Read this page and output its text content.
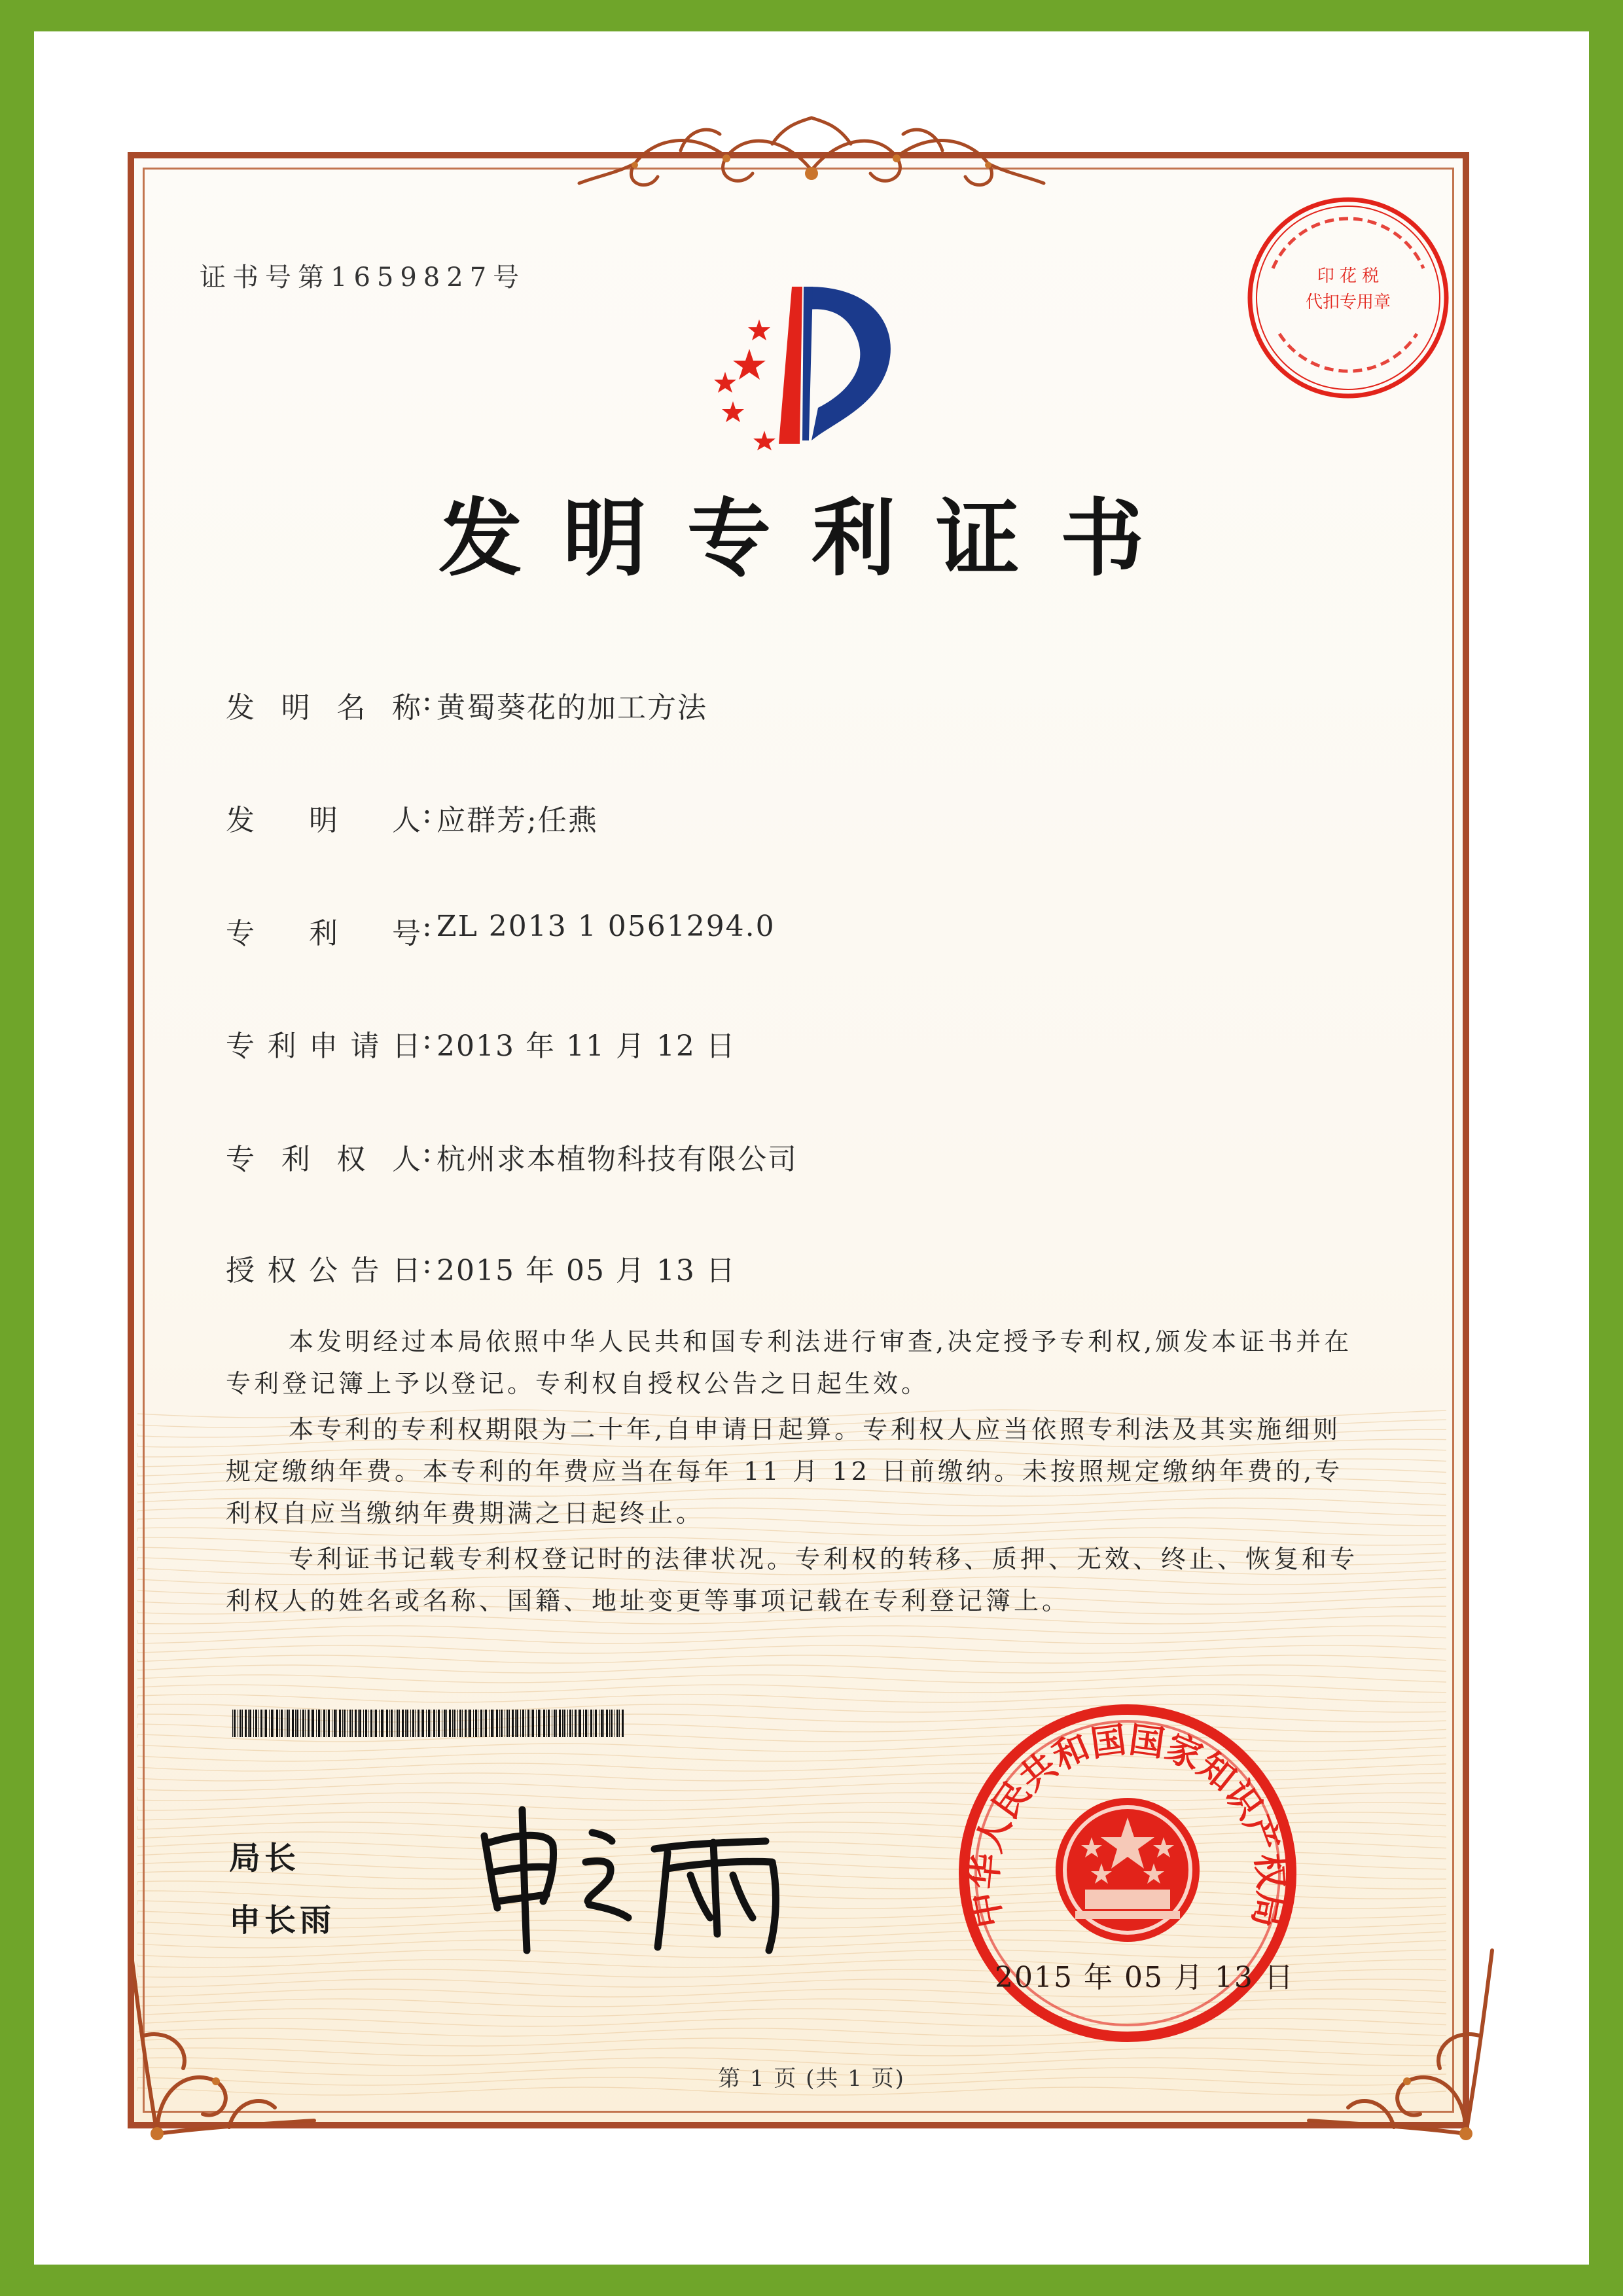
证书号第1659827号
发明专利证书
发明名称 : 黄蜀葵花的加工方法
发明人 : 应群芳;任燕
专利号 : ZL 2013 1 0561294.0
专利申请日 : 2013 年 11 月 12 日
专利权人 : 杭州求本植物科技有限公司
授权公告日 : 2015 年 05 月 13 日

本发明经过本局依照中华人民共和国专利法进行审查,决定授予专利权,颁发本证书并在专利登记簿上予以登记。专利权自授权公告之日起生效。

本专利的专利权期限为二十年,自申请日起算。专利权人应当依照专利法及其实施细则规定缴纳年费。本专利的年费应当在每年 11 月 12 日前缴纳。未按照规定缴纳年费的,专利权自应当缴纳年费期满之日起终止。

专利证书记载专利权登记时的法律状况。专利权的转移、质押、无效、终止、恢复和专利权人的姓名或名称、国籍、地址变更等事项记载在专利登记簿上。

局长
申长雨	中华人民共和国国家知识产权局
2015 年 05 月 13 日
印 花 税
代扣专用章
第 1 页 (共 1 页)
